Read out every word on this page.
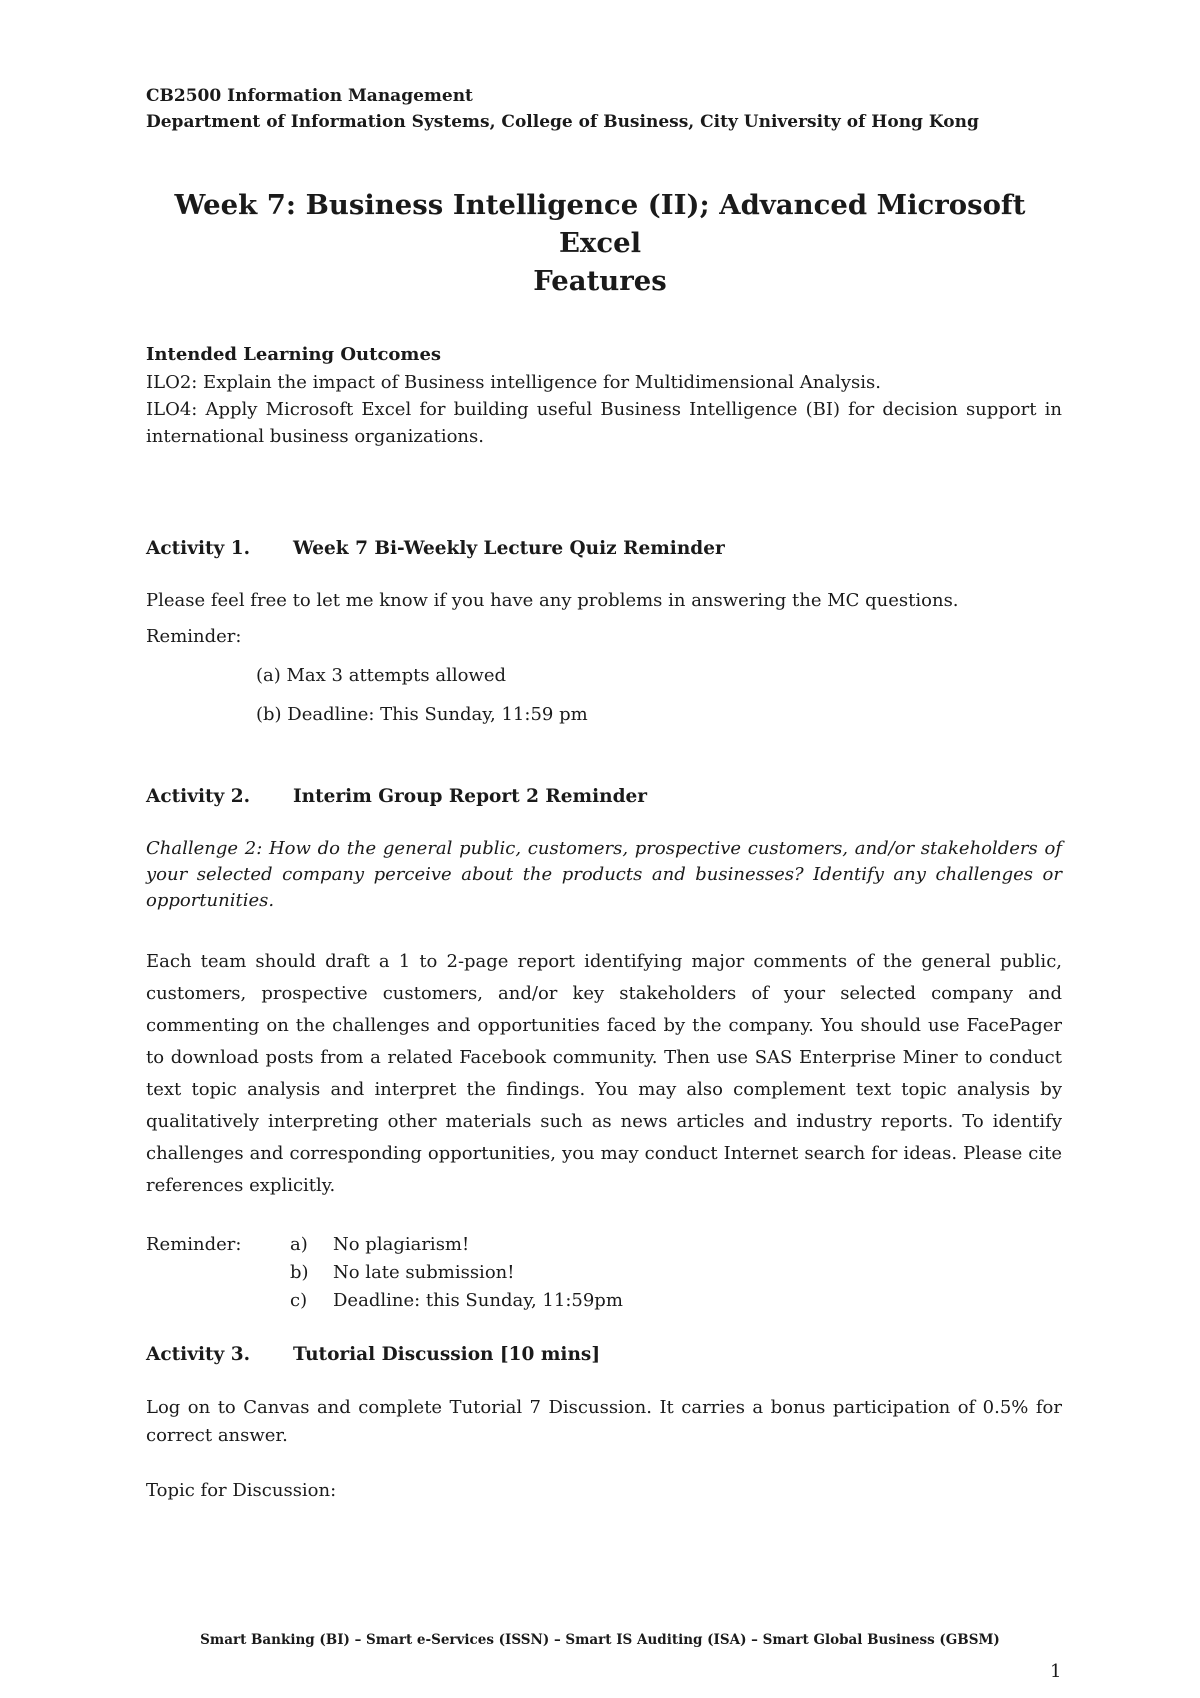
CB2500 Information Management
Department of Information Systems, College of Business, City University of Hong Kong
Week 7: Business Intelligence (II); Advanced Microsoft Excel
Features
Intended Learning Outcomes
ILO2: Explain the impact of Business intelligence for Multidimensional Analysis.
ILO4: Apply Microsoft Excel for building useful Business Intelligence (BI) for decision support in international business organizations.
Activity 1. Week 7 Bi-Weekly Lecture Quiz Reminder
Please feel free to let me know if you have any problems in answering the MC questions.
Reminder:
(a) Max 3 attempts allowed
(b) Deadline: This Sunday, 11:59 pm
Activity 2. Interim Group Report 2 Reminder
Challenge 2: How do the general public, customers, prospective customers, and/or stakeholders of your selected company perceive about the products and businesses? Identify any challenges or opportunities.
Each team should draft a 1 to 2-page report identifying major comments of the general public, customers, prospective customers, and/or key stakeholders of your selected company and commenting on the challenges and opportunities faced by the company. You should use FacePager to download posts from a related Facebook community. Then use SAS Enterprise Miner to conduct text topic analysis and interpret the findings. You may also complement text topic analysis by qualitatively interpreting other materials such as news articles and industry reports. To identify challenges and corresponding opportunities, you may conduct Internet search for ideas. Please cite references explicitly.
Reminder:	a) No plagiarism!
b) No late submission!
c) Deadline: this Sunday, 11:59pm
Activity 3. Tutorial Discussion [10 mins]
Log on to Canvas and complete Tutorial 7 Discussion. It carries a bonus participation of 0.5% for correct answer.
Topic for Discussion:
Smart Banking (BI) – Smart e-Services (ISSN) – Smart IS Auditing (ISA) – Smart Global Business (GBSM)
1
